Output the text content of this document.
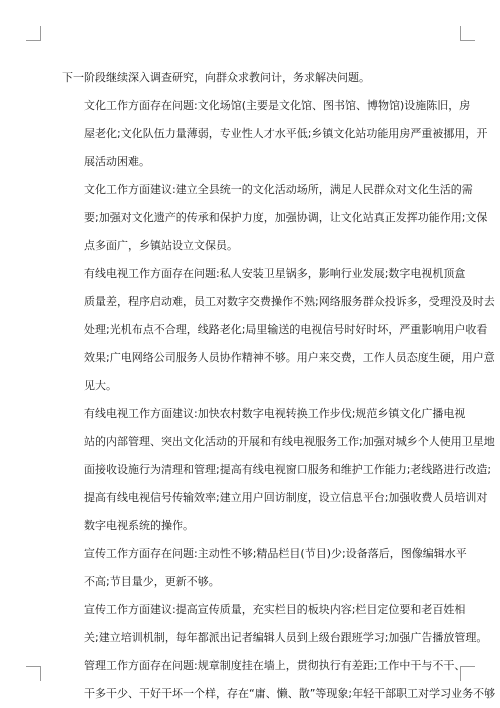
下一阶段继续深入调查研究，向群众求教问计，务求解决问题。

文化工作方面存在问题:文化场馆(主要是文化馆、图书馆、博物馆)设施陈旧，房
屋老化;文化队伍力量薄弱，专业性人才水平低;乡镇文化站功能用房严重被挪用，开
展活动困难。

文化工作方面建议:建立全县统一的文化活动场所，满足人民群众对文化生活的需
要;加强对文化遗产的传承和保护力度，加强协调，让文化站真正发挥功能作用;文保
点多面广，乡镇站设立文保员。

有线电视工作方面存在问题:私人安装卫星锅多，影响行业发展;数字电视机顶盒
质量差，程序启动难，员工对数字交费操作不熟;网络服务群众投诉多，受理没及时去
处理;光机布点不合理，线路老化;局里输送的电视信号时好时坏，严重影响用户收看
效果;广电网络公司服务人员协作精神不够。用户来交费，工作人员态度生硬，用户意
见大。

有线电视工作方面建议:加快农村数字电视转换工作步伐;规范乡镇文化广播电视
站的内部管理、突出文化活动的开展和有线电视服务工作;加强对城乡个人使用卫星地
面接收设施行为清理和管理;提高有线电视窗口服务和维护工作能力;老线路进行改造;
提高有线电视信号传输效率;建立用户回访制度，设立信息平台;加强收费人员培训对
数字电视系统的操作。

宣传工作方面存在问题:主动性不够;精品栏目(节目)少;设备落后，图像编辑水平
不高;节目量少，更新不够。

宣传工作方面建议:提高宣传质量，充实栏目的板块内容;栏目定位要和老百姓相
关;建立培训机制，每年都派出记者编辑人员到上级台跟班学习;加强广告播放管理。

管理工作方面存在问题:规章制度挂在墙上，贯彻执行有差距;工作中干与不干、
干多干少、干好干坏一个样，存在“庸、懒、散”等现象;年轻干部职工对学习业务不够
